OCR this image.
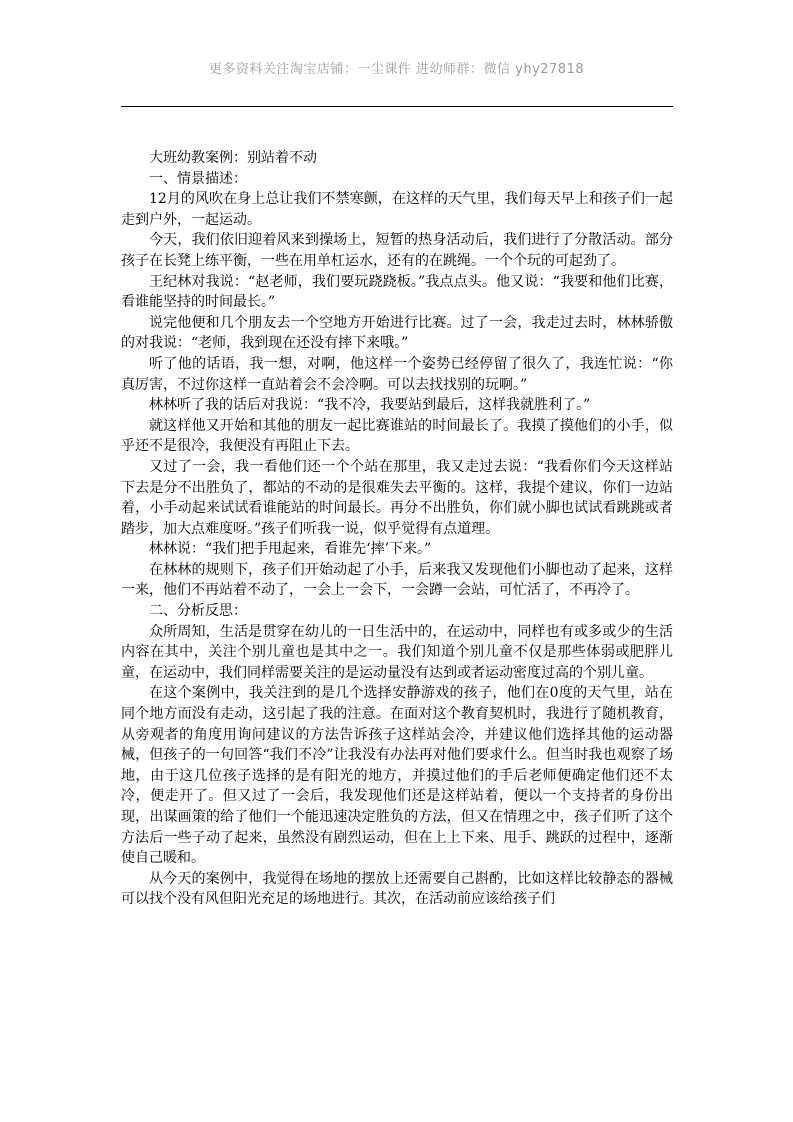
更多资料关注淘宝店铺：一尘课件 进幼师群：微信 yhy27818

大班幼教案例：别站着不动

一、情景描述：

12月的风吹在身上总让我们不禁寒颤，在这样的天气里，我们每天早上和孩子们一起走到户外，一起运动。

今天，我们依旧迎着风来到操场上，短暂的热身活动后，我们进行了分散活动。部分孩子在长凳上练平衡，一些在用单杠运水，还有的在跳绳。一个个玩的可起劲了。

王纪林对我说：“赵老师，我们要玩跷跷板。”我点点头。他又说：“我要和他们比赛，看谁能坚持的时间最长。”

说完他便和几个朋友去一个空地方开始进行比赛。过了一会，我走过去时，林林骄傲的对我说：“老师，我到现在还没有摔下来哦。”

听了他的话语，我一想，对啊，他这样一个姿势已经停留了很久了，我连忙说：“你真厉害，不过你这样一直站着会不会冷啊。可以去找找别的玩啊。”

林林听了我的话后对我说：“我不冷，我要站到最后，这样我就胜利了。”

就这样他又开始和其他的朋友一起比赛谁站的时间最长了。我摸了摸他们的小手，似乎还不是很冷，我便没有再阻止下去。

又过了一会，我一看他们还一个个站在那里，我又走过去说：“我看你们今天这样站下去是分不出胜负了，都站的不动的是很难失去平衡的。这样，我提个建议，你们一边站着，小手动起来试试看谁能站的时间最长。再分不出胜负，你们就小脚也试试看跳跳或者踏步，加大点难度呀。”孩子们听我一说，似乎觉得有点道理。

林林说：“我们把手甩起来，看谁先‘摔’下来。”

在林林的规则下，孩子们开始动起了小手，后来我又发现他们小脚也动了起来，这样一来，他们不再站着不动了，一会上一会下，一会蹲一会站，可忙活了，不再冷了。

二、分析反思：

众所周知，生活是贯穿在幼儿的一日生活中的，在运动中，同样也有或多或少的生活内容在其中，关注个别儿童也是其中之一。我们知道个别儿童不仅是那些体弱或肥胖儿童，在运动中，我们同样需要关注的是运动量没有达到或者运动密度过高的个别儿童。

在这个案例中，我关注到的是几个选择安静游戏的孩子，他们在0度的天气里，站在同个地方而没有走动，这引起了我的注意。在面对这个教育契机时，我进行了随机教育，从旁观者的角度用询问建议的方法告诉孩子这样站会冷，并建议他们选择其他的运动器械，但孩子的一句回答“我们不冷”让我没有办法再对他们要求什么。但当时我也观察了场地，由于这几位孩子选择的是有阳光的地方，并摸过他们的手后老师便确定他们还不太冷，便走开了。但又过了一会后，我发现他们还是这样站着，便以一个支持者的身份出现，出谋画策的给了他们一个能迅速决定胜负的方法，但又在情理之中，孩子们听了这个方法后一些子动了起来，虽然没有剧烈运动，但在上上下来、甩手、跳跃的过程中，逐渐使自己暖和。

从今天的案例中，我觉得在场地的摆放上还需要自己斟酌，比如这样比较静态的器械可以找个没有风但阳光充足的场地进行。其次，在活动前应该给孩子们
